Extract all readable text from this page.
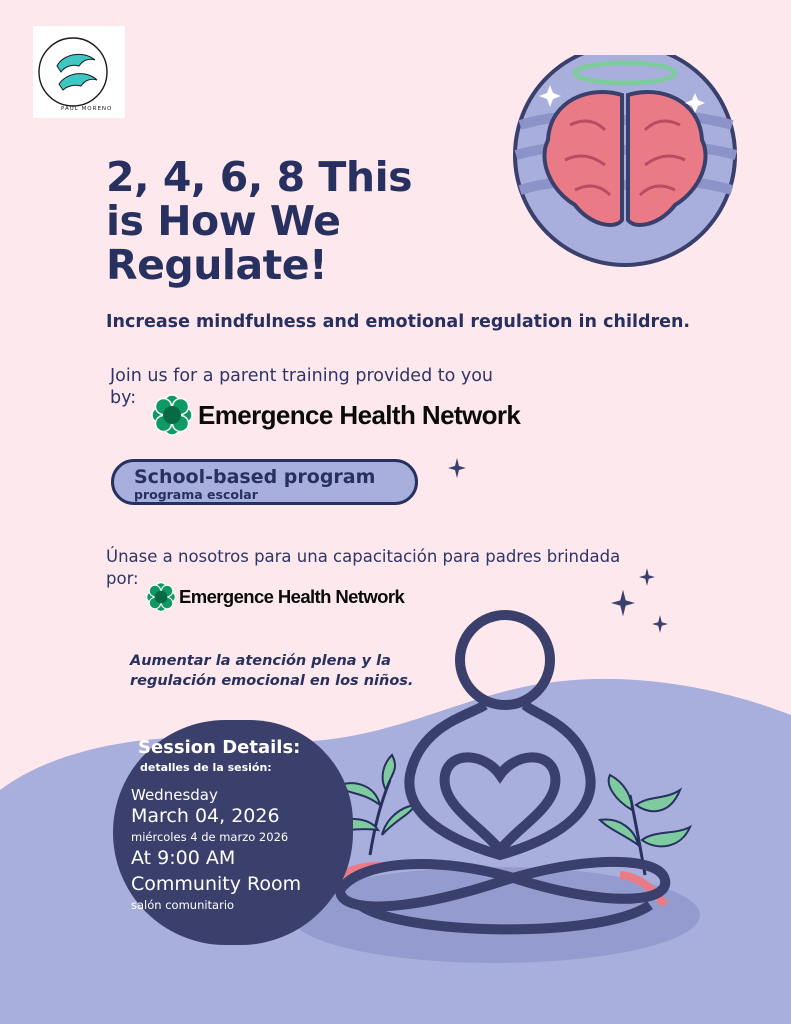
PAUL MORENO
2, 4, 6, 8 This
is How We
Regulate!
Increase mindfulness and emotional regulation in children.
Join us for a parent training provided to you
by:
Emergence Health Network
School-based program
programa escolar
Únase a nosotros para una capacitación para padres brindada
por:
Emergence Health Network
Aumentar la atención plena y la regulación emocional en los niños.
Session Details:
detalles de la sesión:
Wednesday
March 04, 2026
miércoles 4 de marzo 2026
At 9:00 AM
Community Room
salón comunitario
